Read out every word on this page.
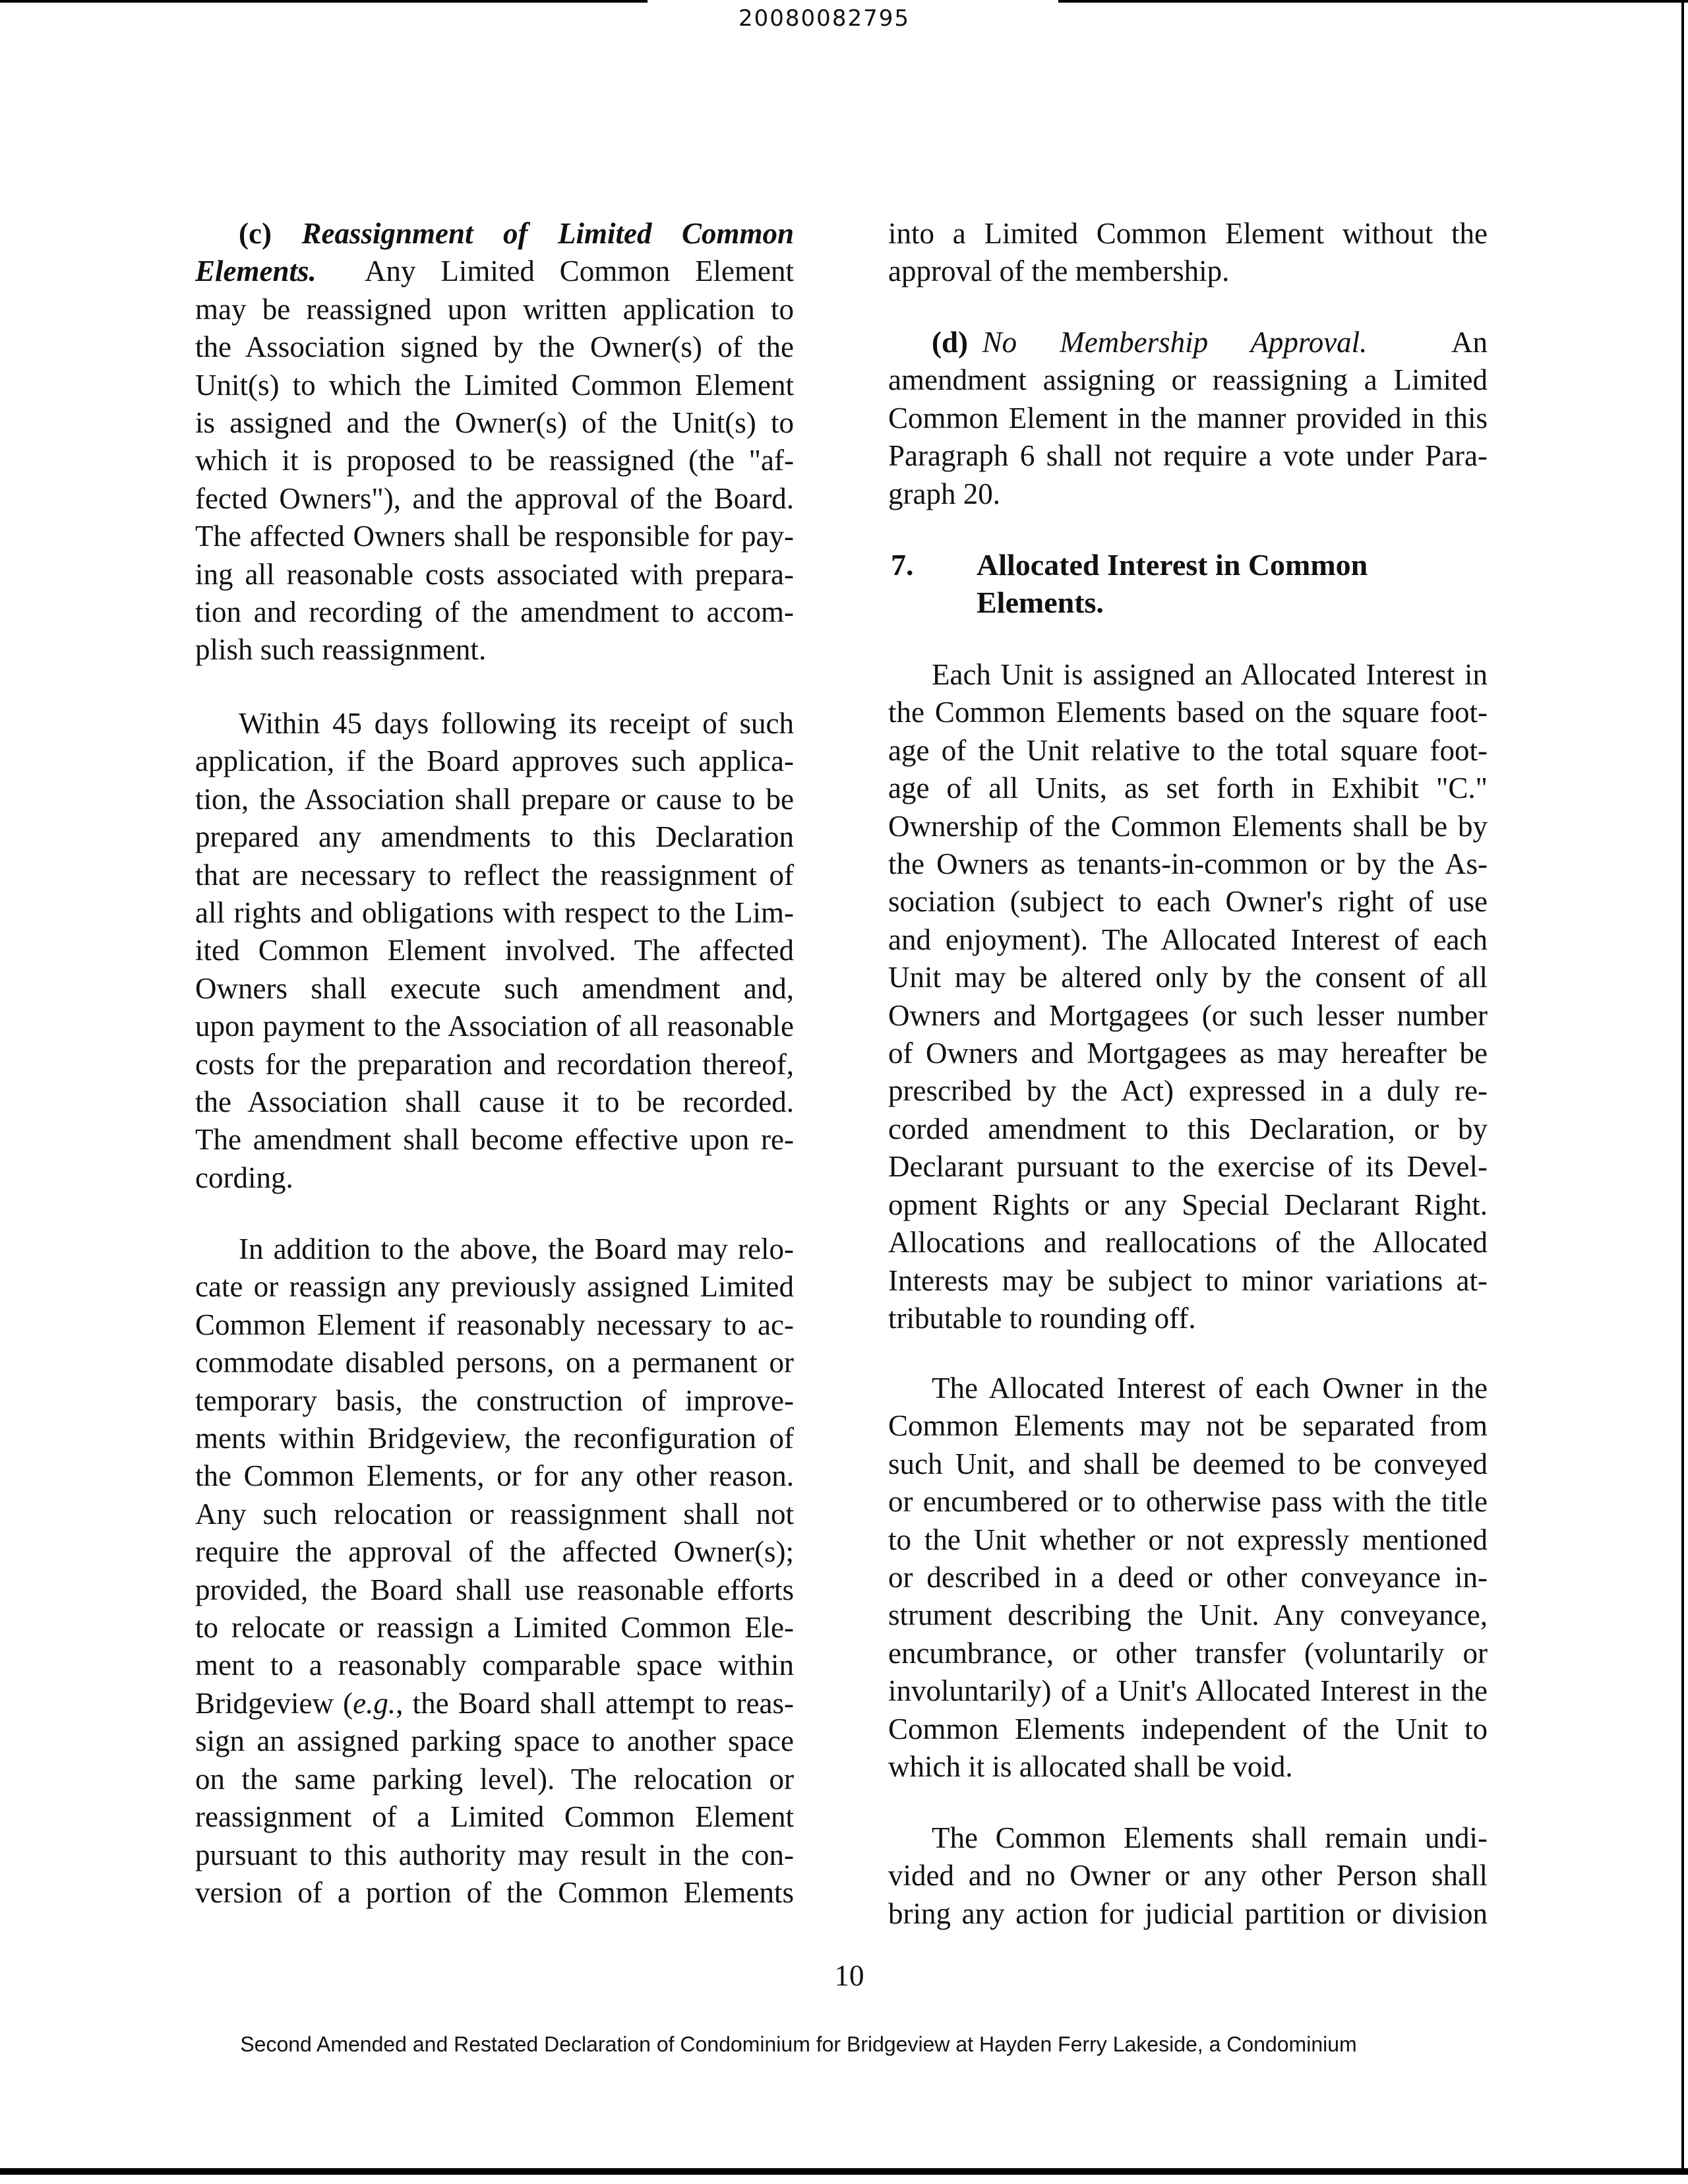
20080082795
(c) Reassignment of Limited Common
Elements.  Any Limited Common Element
may be reassigned upon written application to
the Association signed by the Owner(s) of the
Unit(s) to which the Limited Common Element
is assigned and the Owner(s) of the Unit(s) to
which it is proposed to be reassigned (the "af-
fected Owners"), and the approval of the Board.
The affected Owners shall be responsible for pay-
ing all reasonable costs associated with prepara-
tion and recording of the amendment to accom-
plish such reassignment.
Within 45 days following its receipt of such
application, if the Board approves such applica-
tion, the Association shall prepare or cause to be
prepared any amendments to this Declaration
that are necessary to reflect the reassignment of
all rights and obligations with respect to the Lim-
ited Common Element involved. The affected
Owners shall execute such amendment and,
upon payment to the Association of all reasonable
costs for the preparation and recordation thereof,
the Association shall cause it to be recorded.
The amendment shall become effective upon re-
cording.
In addition to the above, the Board may relo-
cate or reassign any previously assigned Limited
Common Element if reasonably necessary to ac-
commodate disabled persons, on a permanent or
temporary basis, the construction of improve-
ments within Bridgeview, the reconfiguration of
the Common Elements, or for any other reason.
Any such relocation or reassignment shall not
require the approval of the affected Owner(s);
provided, the Board shall use reasonable efforts
to relocate or reassign a Limited Common Ele-
ment to a reasonably comparable space within
Bridgeview (e.g., the Board shall attempt to reas-
sign an assigned parking space to another space
on the same parking level). The relocation or
reassignment of a Limited Common Element
pursuant to this authority may result in the con-
version of a portion of the Common Elements
into a Limited Common Element without the
approval of the membership.
(d) No   Membership   Approval.      An
amendment assigning or reassigning a Limited
Common Element in the manner provided in this
Paragraph 6 shall not require a vote under Para-
graph 20.
7. Allocated Interest in Common
Elements.
Each Unit is assigned an Allocated Interest in
the Common Elements based on the square foot-
age of the Unit relative to the total square foot-
age of all Units, as set forth in Exhibit "C."
Ownership of the Common Elements shall be by
the Owners as tenants-in-common or by the As-
sociation (subject to each Owner's right of use
and enjoyment). The Allocated Interest of each
Unit may be altered only by the consent of all
Owners and Mortgagees (or such lesser number
of Owners and Mortgagees as may hereafter be
prescribed by the Act) expressed in a duly re-
corded amendment to this Declaration, or by
Declarant pursuant to the exercise of its Devel-
opment Rights or any Special Declarant Right.
Allocations and reallocations of the Allocated
Interests may be subject to minor variations at-
tributable to rounding off.
The Allocated Interest of each Owner in the
Common Elements may not be separated from
such Unit, and shall be deemed to be conveyed
or encumbered or to otherwise pass with the title
to the Unit whether or not expressly mentioned
or described in a deed or other conveyance in-
strument describing the Unit. Any conveyance,
encumbrance, or other transfer (voluntarily or
involuntarily) of a Unit's Allocated Interest in the
Common Elements independent of the Unit to
which it is allocated shall be void.
The Common Elements shall remain undi-
vided and no Owner or any other Person shall
bring any action for judicial partition or division
10
Second Amended and Restated Declaration of Condominium for Bridgeview at Hayden Ferry Lakeside, a Condominium
